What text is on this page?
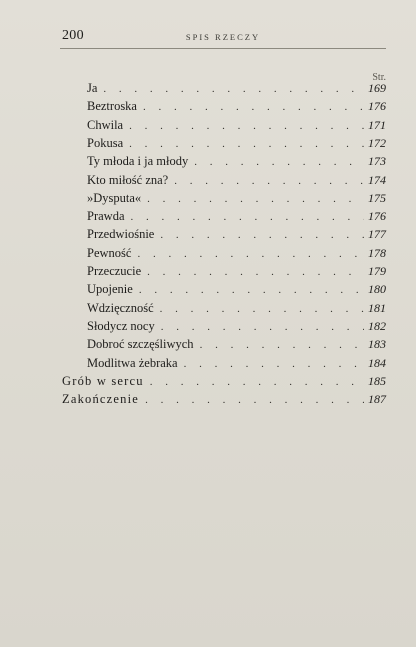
200	SPIS RZECZY
Str.
Ja . . .	169
Beztroska . . .	176
Chwila . . .	171
Pokusa . . .	172
Ty młoda i ja młody . . .	173
Kto miłość zna? . . .	174
»Dysputa« . . .	175
Prawda . . .	176
Przedwiośnie . . .	177
Pewność . . .	178
Przeczucie . . .	179
Upojenie . . .	180
Wdzięczność . . .	181
Słodycz nocy . . .	182
Dobroć szczęśliwych . . .	183
Modlitwa żebraka . . .	184
Grób w sercu . . .	185
Zakończenie . . .	187
